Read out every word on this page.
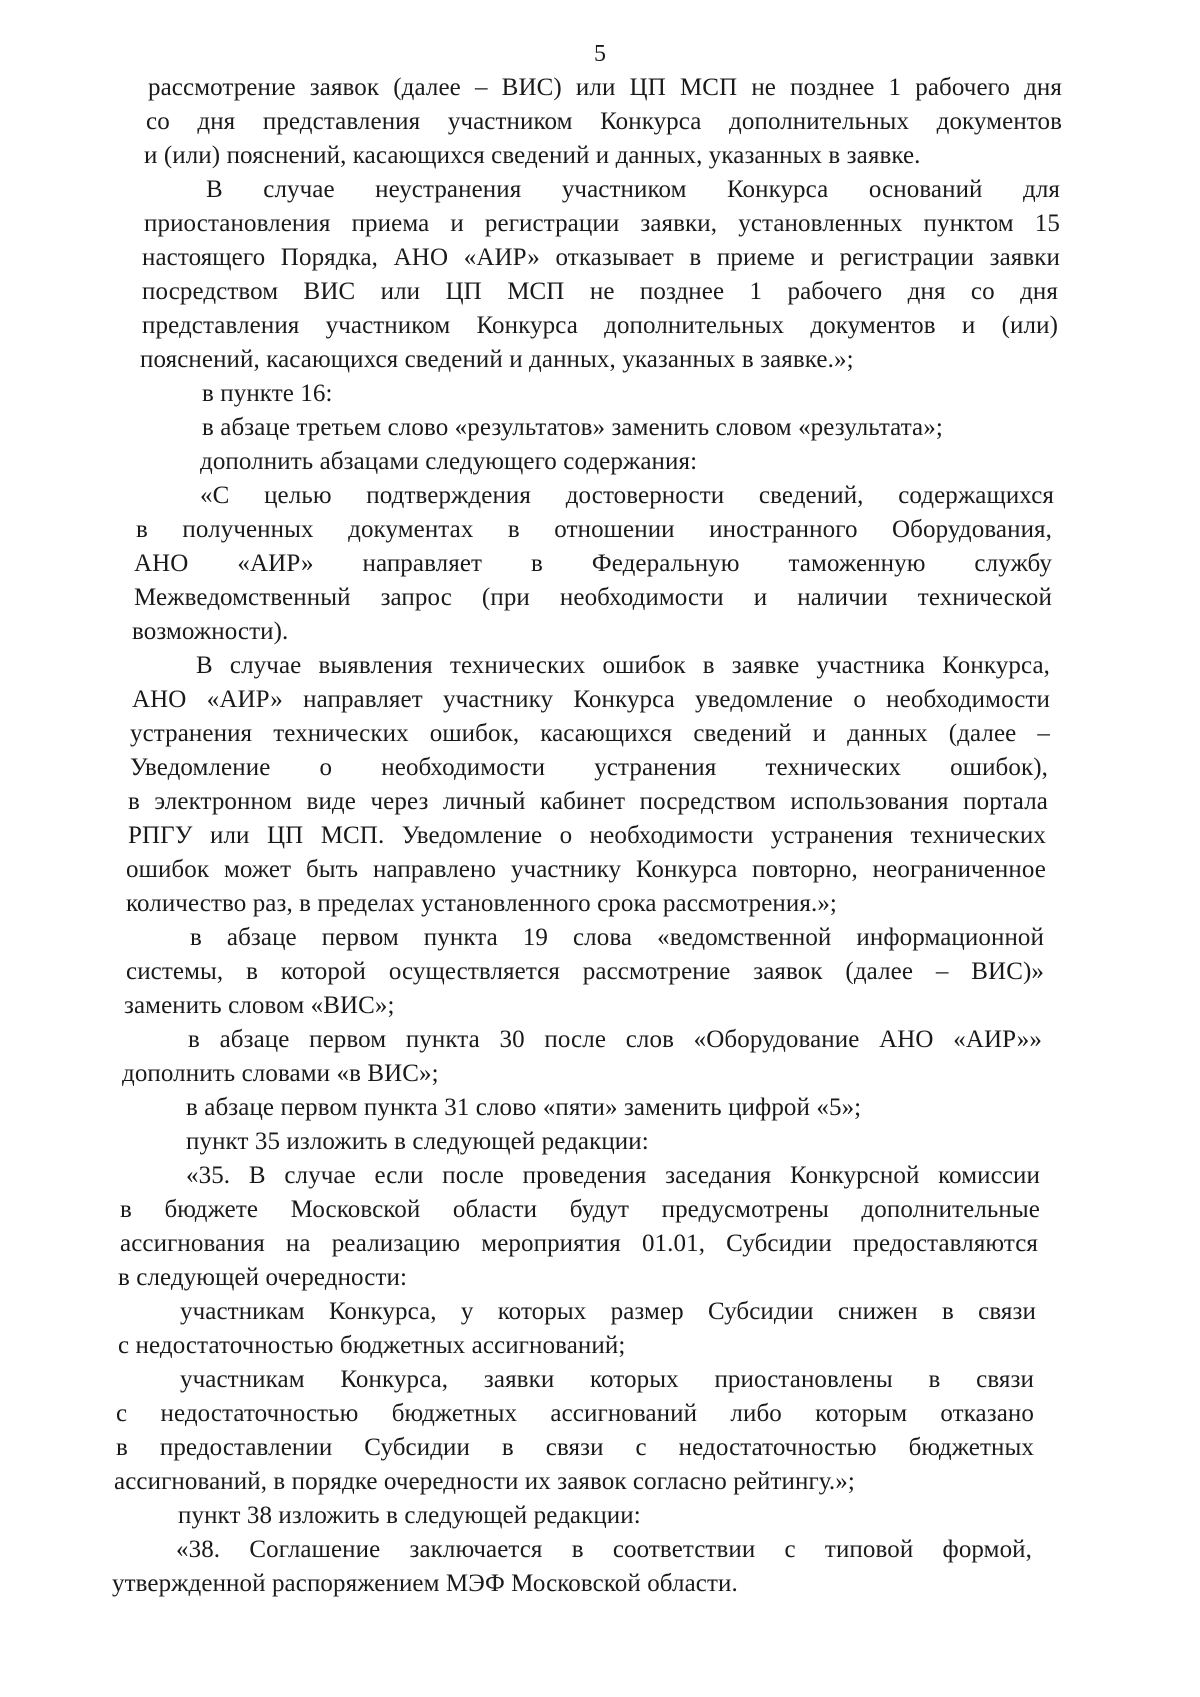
5
рассмотрение заявок (далее – ВИС) или ЦП МСП не позднее 1 рабочего дня
со дня представления участником Конкурса дополнительных документов
и (или) пояснений, касающихся сведений и данных, указанных в заявке.
В случае неустранения участником Конкурса оснований для
приостановления приема и регистрации заявки, установленных пунктом 15
настоящего Порядка, АНО «АИР» отказывает в приеме и регистрации заявки
посредством ВИС или ЦП МСП не позднее 1 рабочего дня со дня
представления участником Конкурса дополнительных документов и (или)
пояснений, касающихся сведений и данных, указанных в заявке.»;
в пункте 16:
в абзаце третьем слово «результатов» заменить словом «результата»;
дополнить абзацами следующего содержания:
«С целью подтверждения достоверности сведений, содержащихся
в полученных документах в отношении иностранного Оборудования,
АНО «АИР» направляет в Федеральную таможенную службу
Межведомственный запрос (при необходимости и наличии технической
возможности).
В случае выявления технических ошибок в заявке участника Конкурса,
АНО «АИР» направляет участнику Конкурса уведомление о необходимости
устранения технических ошибок, касающихся сведений и данных (далее –
Уведомление о необходимости устранения технических ошибок),
в электронном виде через личный кабинет посредством использования портала
РПГУ или ЦП МСП. Уведомление о необходимости устранения технических
ошибок может быть направлено участнику Конкурса повторно, неограниченное
количество раз, в пределах установленного срока рассмотрения.»;
в абзаце первом пункта 19 слова «ведомственной информационной
системы, в которой осуществляется рассмотрение заявок (далее – ВИС)»
заменить словом «ВИС»;
в абзаце первом пункта 30 после слов «Оборудование АНО «АИР»»
дополнить словами «в ВИС»;
в абзаце первом пункта 31 слово «пяти» заменить цифрой «5»;
пункт 35 изложить в следующей редакции:
«35. В случае если после проведения заседания Конкурсной комиссии
в бюджете Московской области будут предусмотрены дополнительные
ассигнования на реализацию мероприятия 01.01, Субсидии предоставляются
в следующей очередности:
участникам Конкурса, у которых размер Субсидии снижен в связи
с недостаточностью бюджетных ассигнований;
участникам Конкурса, заявки которых приостановлены в связи
с недостаточностью бюджетных ассигнований либо которым отказано
в предоставлении Субсидии в связи с недостаточностью бюджетных
ассигнований, в порядке очередности их заявок согласно рейтингу.»;
пункт 38 изложить в следующей редакции:
«38. Соглашение заключается в соответствии с типовой формой,
утвержденной распоряжением МЭФ Московской области.
